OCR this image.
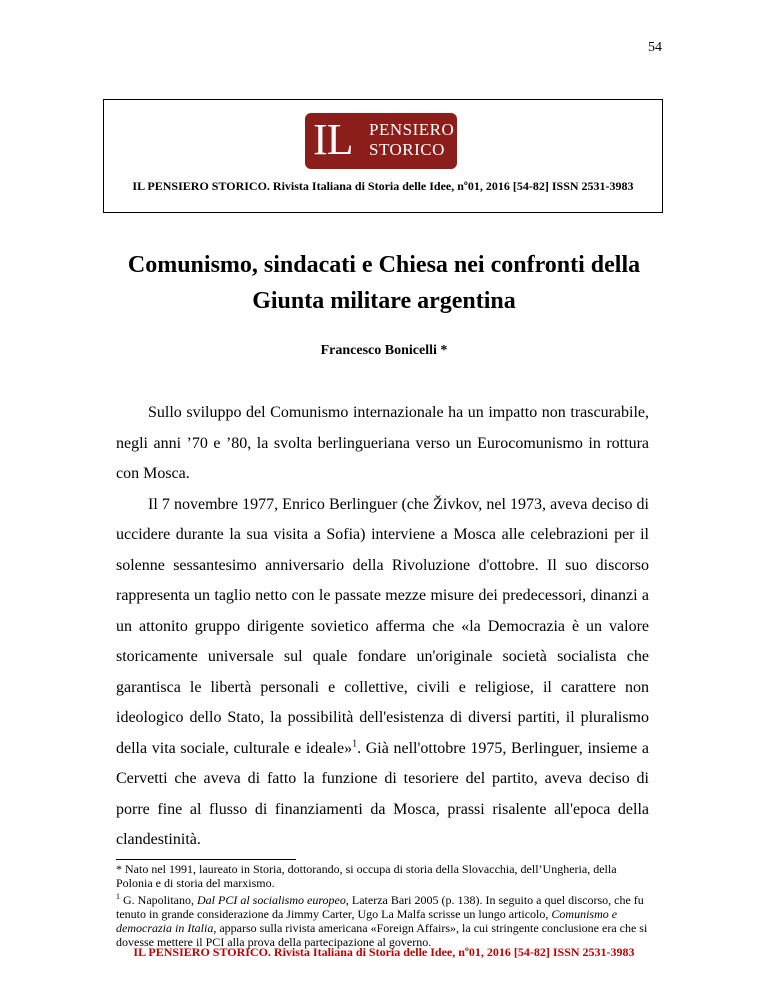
54
IL PENSIERO
STORICO
IL PENSIERO STORICO. Rivista Italiana di Storia delle Idee, nº01, 2016 [54-82] ISSN 2531-3983
Comunismo, sindacati e Chiesa nei confronti della Giunta militare argentina
Francesco Bonicelli *

Sullo sviluppo del Comunismo internazionale ha un impatto non trascurabile, negli anni ’70 e ’80, la svolta berlingueriana verso un Eurocomunismo in rottura con Mosca.

Il 7 novembre 1977, Enrico Berlinguer (che Živkov, nel 1973, aveva deciso di uccidere durante la sua visita a Sofia) interviene a Mosca alle celebrazioni per il solenne sessantesimo anniversario della Rivoluzione d'ottobre. Il suo discorso rappresenta un taglio netto con le passate mezze misure dei predecessori, dinanzi a un attonito gruppo dirigente sovietico afferma che «la Democrazia è un valore storicamente universale sul quale fondare un'originale società socialista che garantisca le libertà personali e collettive, civili e religiose, il carattere non ideologico dello Stato, la possibilità dell'esistenza di diversi partiti, il pluralismo della vita sociale, culturale e ideale»$^1$. Già nell'ottobre 1975, Berlinguer, insieme a Cervetti che aveva di fatto la funzione di tesoriere del partito, aveva deciso di porre fine al flusso di finanziamenti da Mosca, prassi risalente all'epoca della clandestinità.

* Nato nel 1991, laureato in Storia, dottorando, si occupa di storia della Slovacchia, dell’Ungheria, della Polonia e di storia del marxismo.

$^1$ G. Napolitano, Dal PCI al socialismo europeo, Laterza Bari 2005 (p. 138). In seguito a quel discorso, che fu tenuto in grande considerazione da Jimmy Carter, Ugo La Malfa scrisse un lungo articolo, Comunismo e democrazia in Italia, apparso sulla rivista americana «Foreign Affairs», la cui stringente conclusione era che si dovesse mettere il PCI alla prova della partecipazione al governo.

IL PENSIERO STORICO. Rivista Italiana di Storia delle Idee, nº01, 2016 [54-82] ISSN 2531-3983
